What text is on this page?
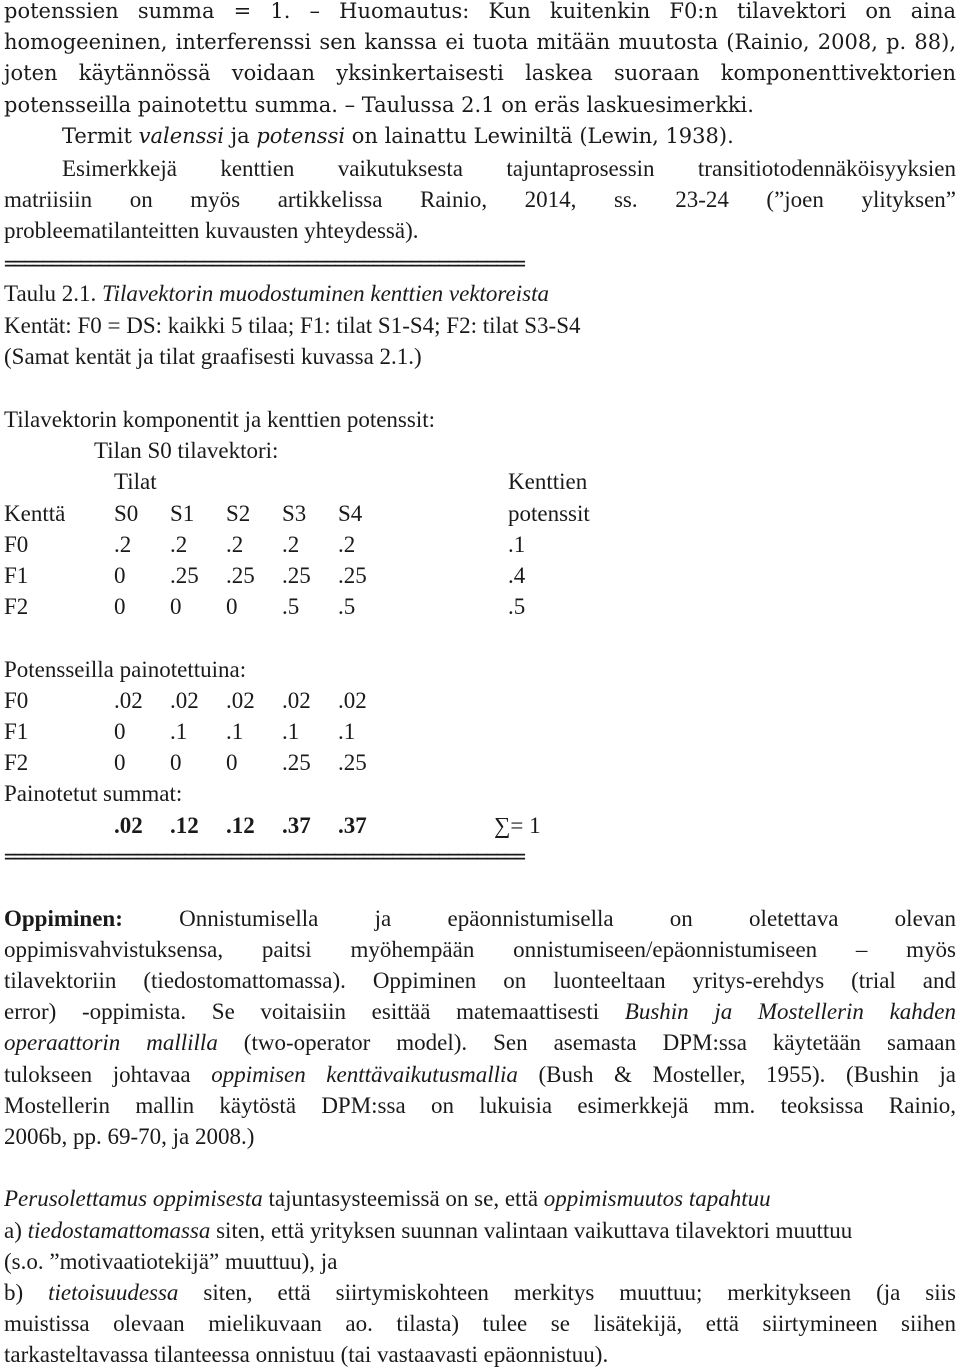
potenssien summa = 1. – Huomautus: Kun kuitenkin F0:n tilavektori on aina
homogeeninen, interferenssi sen kanssa ei tuota mitään muutosta (Rainio, 2008, p. 88),
joten käytännössä voidaan yksinkertaisesti laskea suoraan komponenttivektorien
potensseilla painotettu summa. – Taulussa 2.1 on eräs laskuesimerkki.
Termit valenssi ja potenssi on lainattu Lewiniltä (Lewin, 1938).
Esimerkkejä kenttien vaikutuksesta tajuntaprosessin transitiotodennäköisyyksien
matriisiin on myös artikkelissa Rainio, 2014, ss. 23-24 (”joen ylityksen”
probleematilanteitten kuvausten yhteydessä).
=======================================================
Taulu 2.1. Tilavektorin muodostuminen kenttien vektoreista
Kentät: F0 = DS: kaikki 5 tilaa; F1: tilat S1-S4; F2: tilat S3-S4
(Samat kentät ja tilat graafisesti kuvassa 2.1.)
Tilavektorin komponentit ja kenttien potenssit:
Tilan S0 tilavektori:
Tilat	Kenttien
Kenttä S0 S1 S2 S3 S4	potenssit
F0	.2 .2 .2 .2 .2	.1
F1	0 .25 .25 .25 .25	.4
F2	0 0 0 .5 .5	.5
Potensseilla painotettuina:
F0	.02 .02 .02 .02 .02
F1	0 .1 .1 .1 .1
F2	0 0 0 .25 .25
Painotetut summat:
.02 .12 .12 .37 .37	∑= 1
=======================================================
Oppiminen: Onnistumisella ja epäonnistumisella on oletettava olevan
oppimisvahvistuksensa, paitsi myöhempään onnistumiseen/epäonnistumiseen – myös
tilavektoriin (tiedostomattomassa). Oppiminen on luonteeltaan yritys-erehdys (trial and
error) -oppimista. Se voitaisiin esittää matemaattisesti Bushin ja Mostellerin kahden
operaattorin mallilla (two-operator model). Sen asemasta DPM:ssa käytetään samaan
tulokseen johtavaa oppimisen kenttävaikutusmallia (Bush & Mosteller, 1955). (Bushin ja
Mostellerin mallin käytöstä DPM:ssa on lukuisia esimerkkejä mm. teoksissa Rainio,
2006b, pp. 69-70, ja 2008.)
Perusolettamus oppimisesta tajuntasysteemissä on se, että oppimismuutos tapahtuu
a) tiedostamattomassa siten, että yrityksen suunnan valintaan vaikuttava tilavektori muuttuu
(s.o. ”motivaatiotekijä” muuttuu), ja
b) tietoisuudessa siten, että siirtymiskohteen merkitys muuttuu; merkitykseen (ja siis
muistissa olevaan mielikuvaan ao. tilasta) tulee se lisätekijä, että siirtymineen siihen
tarkasteltavassa tilanteessa onnistuu (tai vastaavasti epäonnistuu).
